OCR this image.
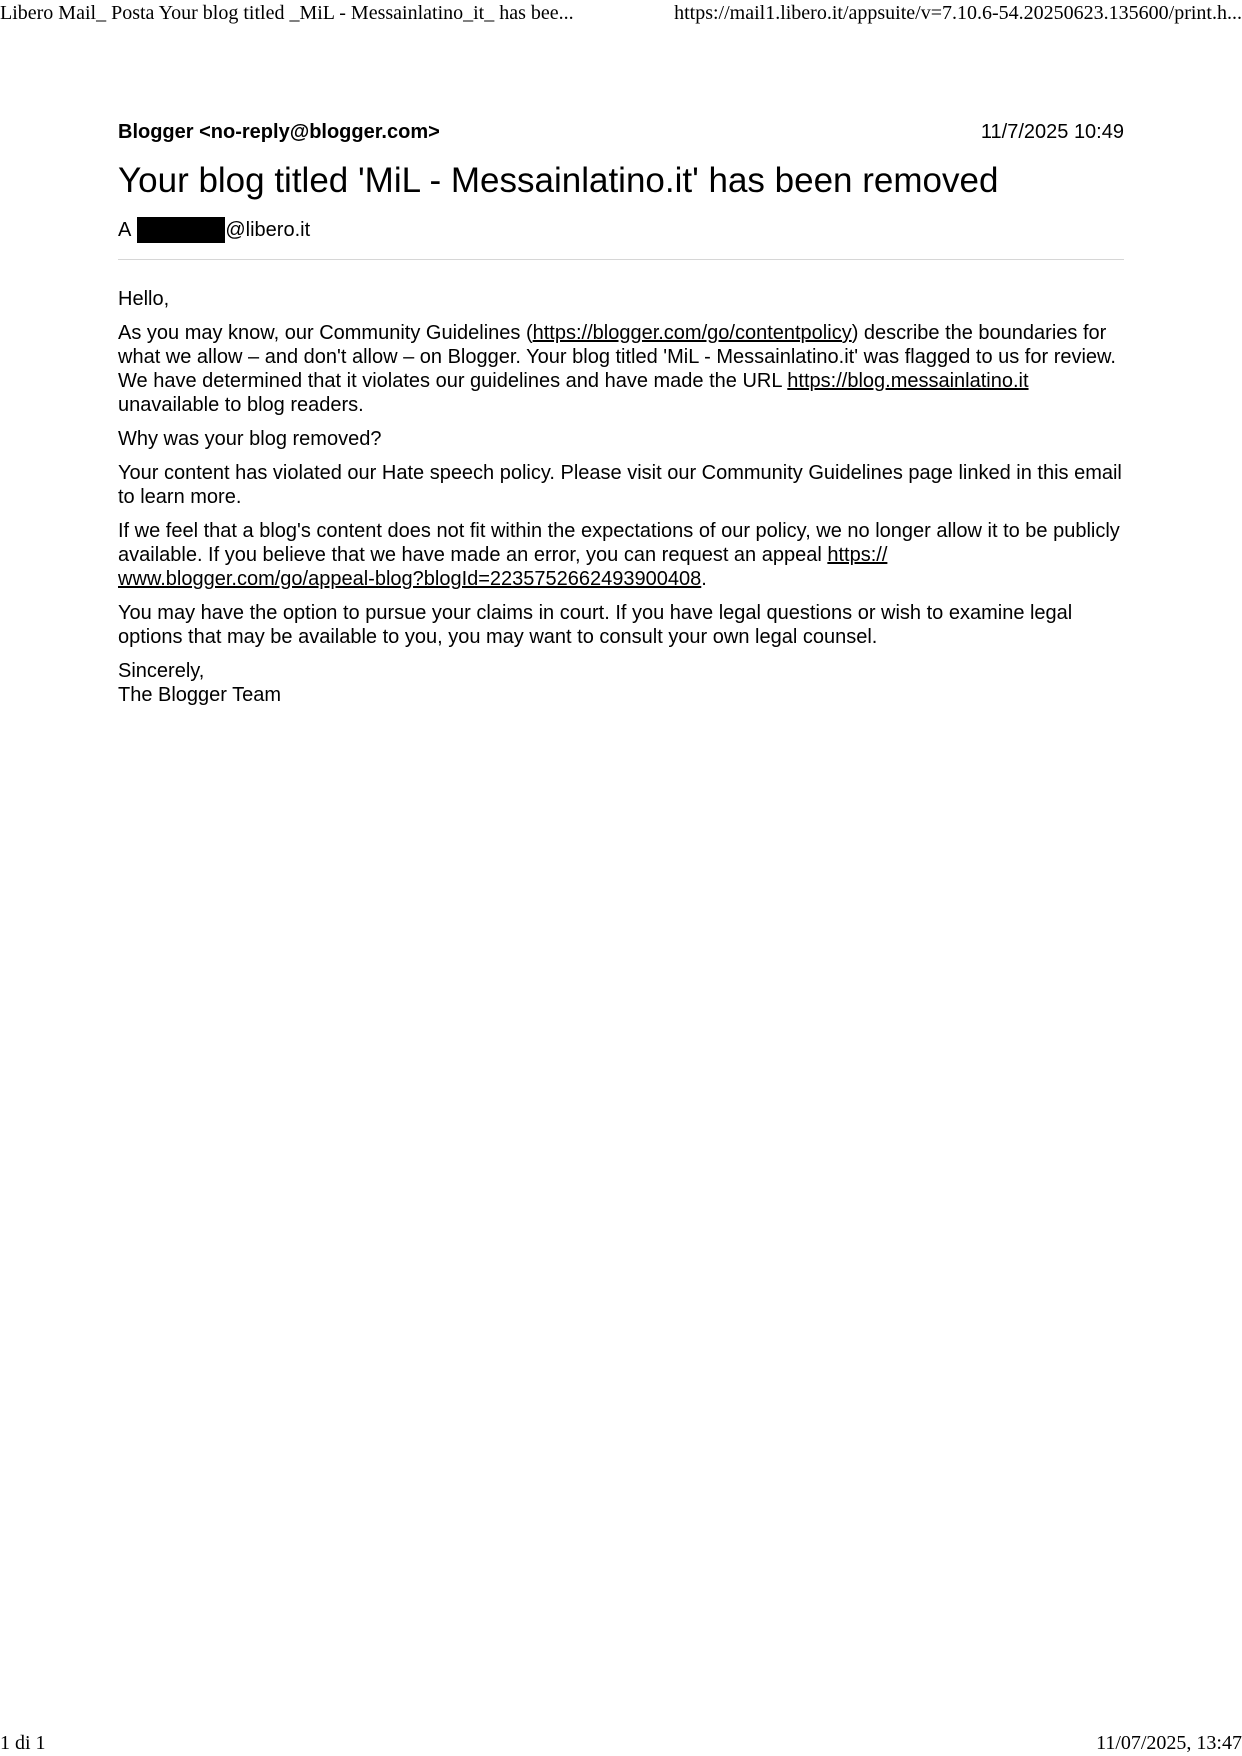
Libero Mail_ Posta Your blog titled _MiL - Messainlatino_it_ has bee...	https://mail1.libero.it/appsuite/v=7.10.6-54.20250623.135600/print.h...
Blogger <no-reply@blogger.com>	11/7/2025 10:49
Your blog titled 'MiL - Messainlatino.it' has been removed
A	@libero.it

Hello,

As you may know, our Community Guidelines (https://blogger.com/go/contentpolicy) describe the boundaries for what we allow – and don't allow – on Blogger. Your blog titled 'MiL - Messainlatino.it' was flagged to us for review. We have determined that it violates our guidelines and have made the URL https://blog.messainlatino.it unavailable to blog readers.

Why was your blog removed?

Your content has violated our Hate speech policy. Please visit our Community Guidelines page linked in this email to learn more.

If we feel that a blog's content does not fit within the expectations of our policy, we no longer allow it to be publicly available. If you believe that we have made an error, you can request an appeal https:// www.blogger.com/go/appeal-blog?blogId=2235752662493900408.

You may have the option to pursue your claims in court. If you have legal questions or wish to examine legal options that may be available to you, you may want to consult your own legal counsel.

Sincerely,
The Blogger Team

1 di 1	11/07/2025, 13:47
